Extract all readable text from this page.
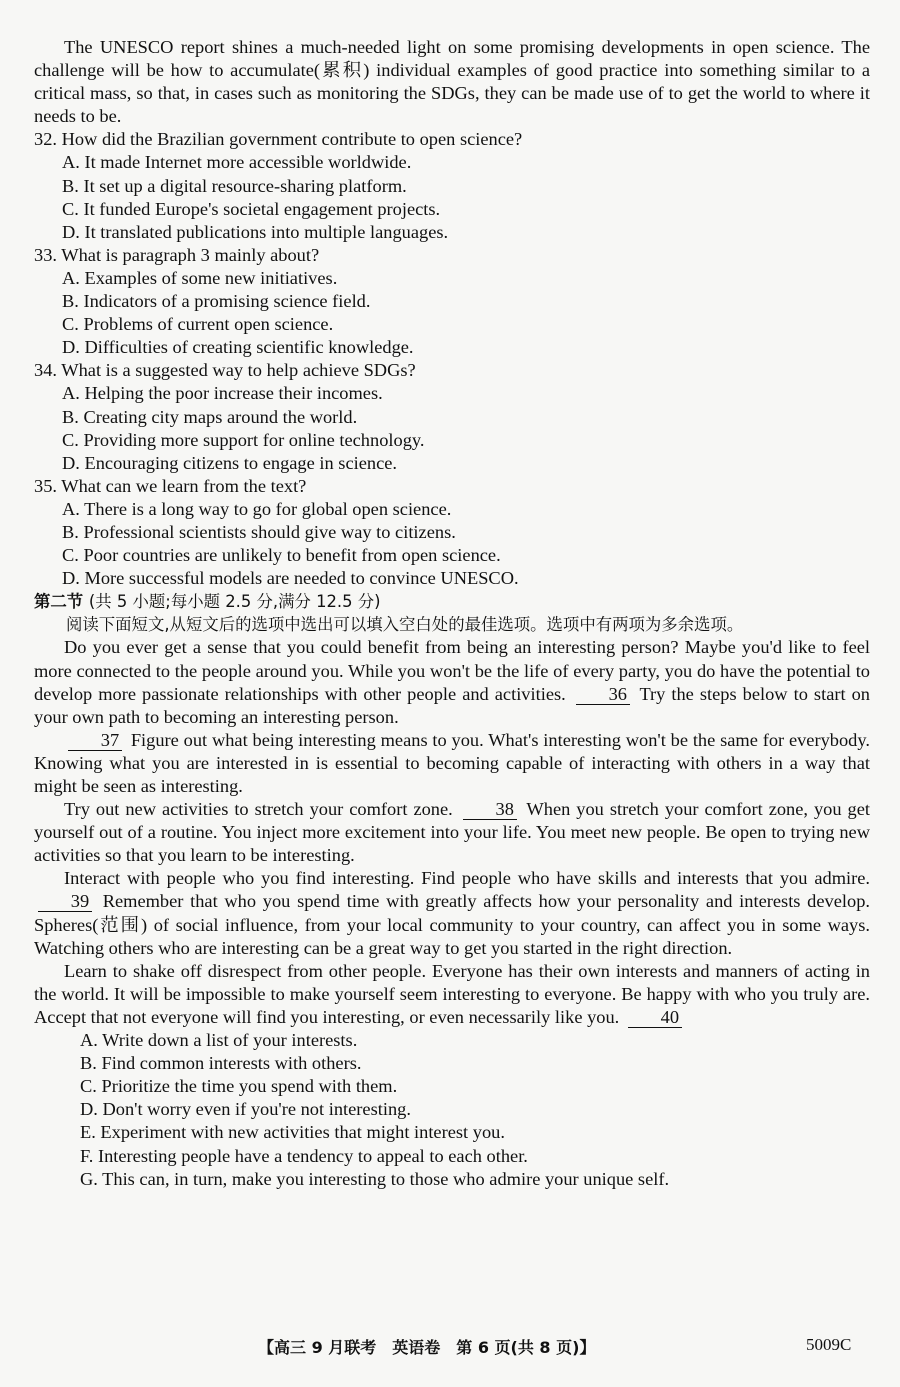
The UNESCO report shines a much-needed light on some promising developments in open science. The challenge will be how to accumulate(累积) individual examples of good practice into something similar to a critical mass, so that, in cases such as monitoring the SDGs, they can be made use of to get the world to where it needs to be.

32. How did the Brazilian government contribute to open science?

A. It made Internet more accessible worldwide.

B. It set up a digital resource-sharing platform.

C. It funded Europe's societal engagement projects.

D. It translated publications into multiple languages.

33. What is paragraph 3 mainly about?

A. Examples of some new initiatives.

B. Indicators of a promising science field.

C. Problems of current open science.

D. Difficulties of creating scientific knowledge.

34. What is a suggested way to help achieve SDGs?

A. Helping the poor increase their incomes.

B. Creating city maps around the world.

C. Providing more support for online technology.

D. Encouraging citizens to engage in science.

35. What can we learn from the text?

A. There is a long way to go for global open science.

B. Professional scientists should give way to citizens.

C. Poor countries are unlikely to benefit from open science.

D. More successful models are needed to convince UNESCO.

第二节 (共 5 小题;每小题 2.5 分,满分 12.5 分)

阅读下面短文,从短文后的选项中选出可以填入空白处的最佳选项。选项中有两项为多余选项。

Do you ever get a sense that you could benefit from being an interesting person? Maybe you'd like to feel more connected to the people around you. While you won't be the life of every party, you do have the potential to develop more passionate relationships with other people and activities. 36 Try the steps below to start on your own path to becoming an interesting person.

37 Figure out what being interesting means to you. What's interesting won't be the same for everybody. Knowing what you are interested in is essential to becoming capable of interacting with others in a way that might be seen as interesting.

Try out new activities to stretch your comfort zone. 38 When you stretch your comfort zone, you get yourself out of a routine. You inject more excitement into your life. You meet new people. Be open to trying new activities so that you learn to be interesting.

Interact with people who you find interesting. Find people who have skills and interests that you admire. 39 Remember that who you spend time with greatly affects how your personality and interests develop. Spheres(范围) of social influence, from your local community to your country, can affect you in some ways. Watching others who are interesting can be a great way to get you started in the right direction.

Learn to shake off disrespect from other people. Everyone has their own interests and manners of acting in the world. It will be impossible to make yourself seem interesting to everyone. Be happy with who you truly are. Accept that not everyone will find you interesting, or even necessarily like you. 40

A. Write down a list of your interests.

B. Find common interests with others.

C. Prioritize the time you spend with them.

D. Don't worry even if you're not interesting.

E. Experiment with new activities that might interest you.

F. Interesting people have a tendency to appeal to each other.

G. This can, in turn, make you interesting to those who admire your unique self.

【高三 9 月联考　英语卷　第 6 页(共 8 页)】	5009C
